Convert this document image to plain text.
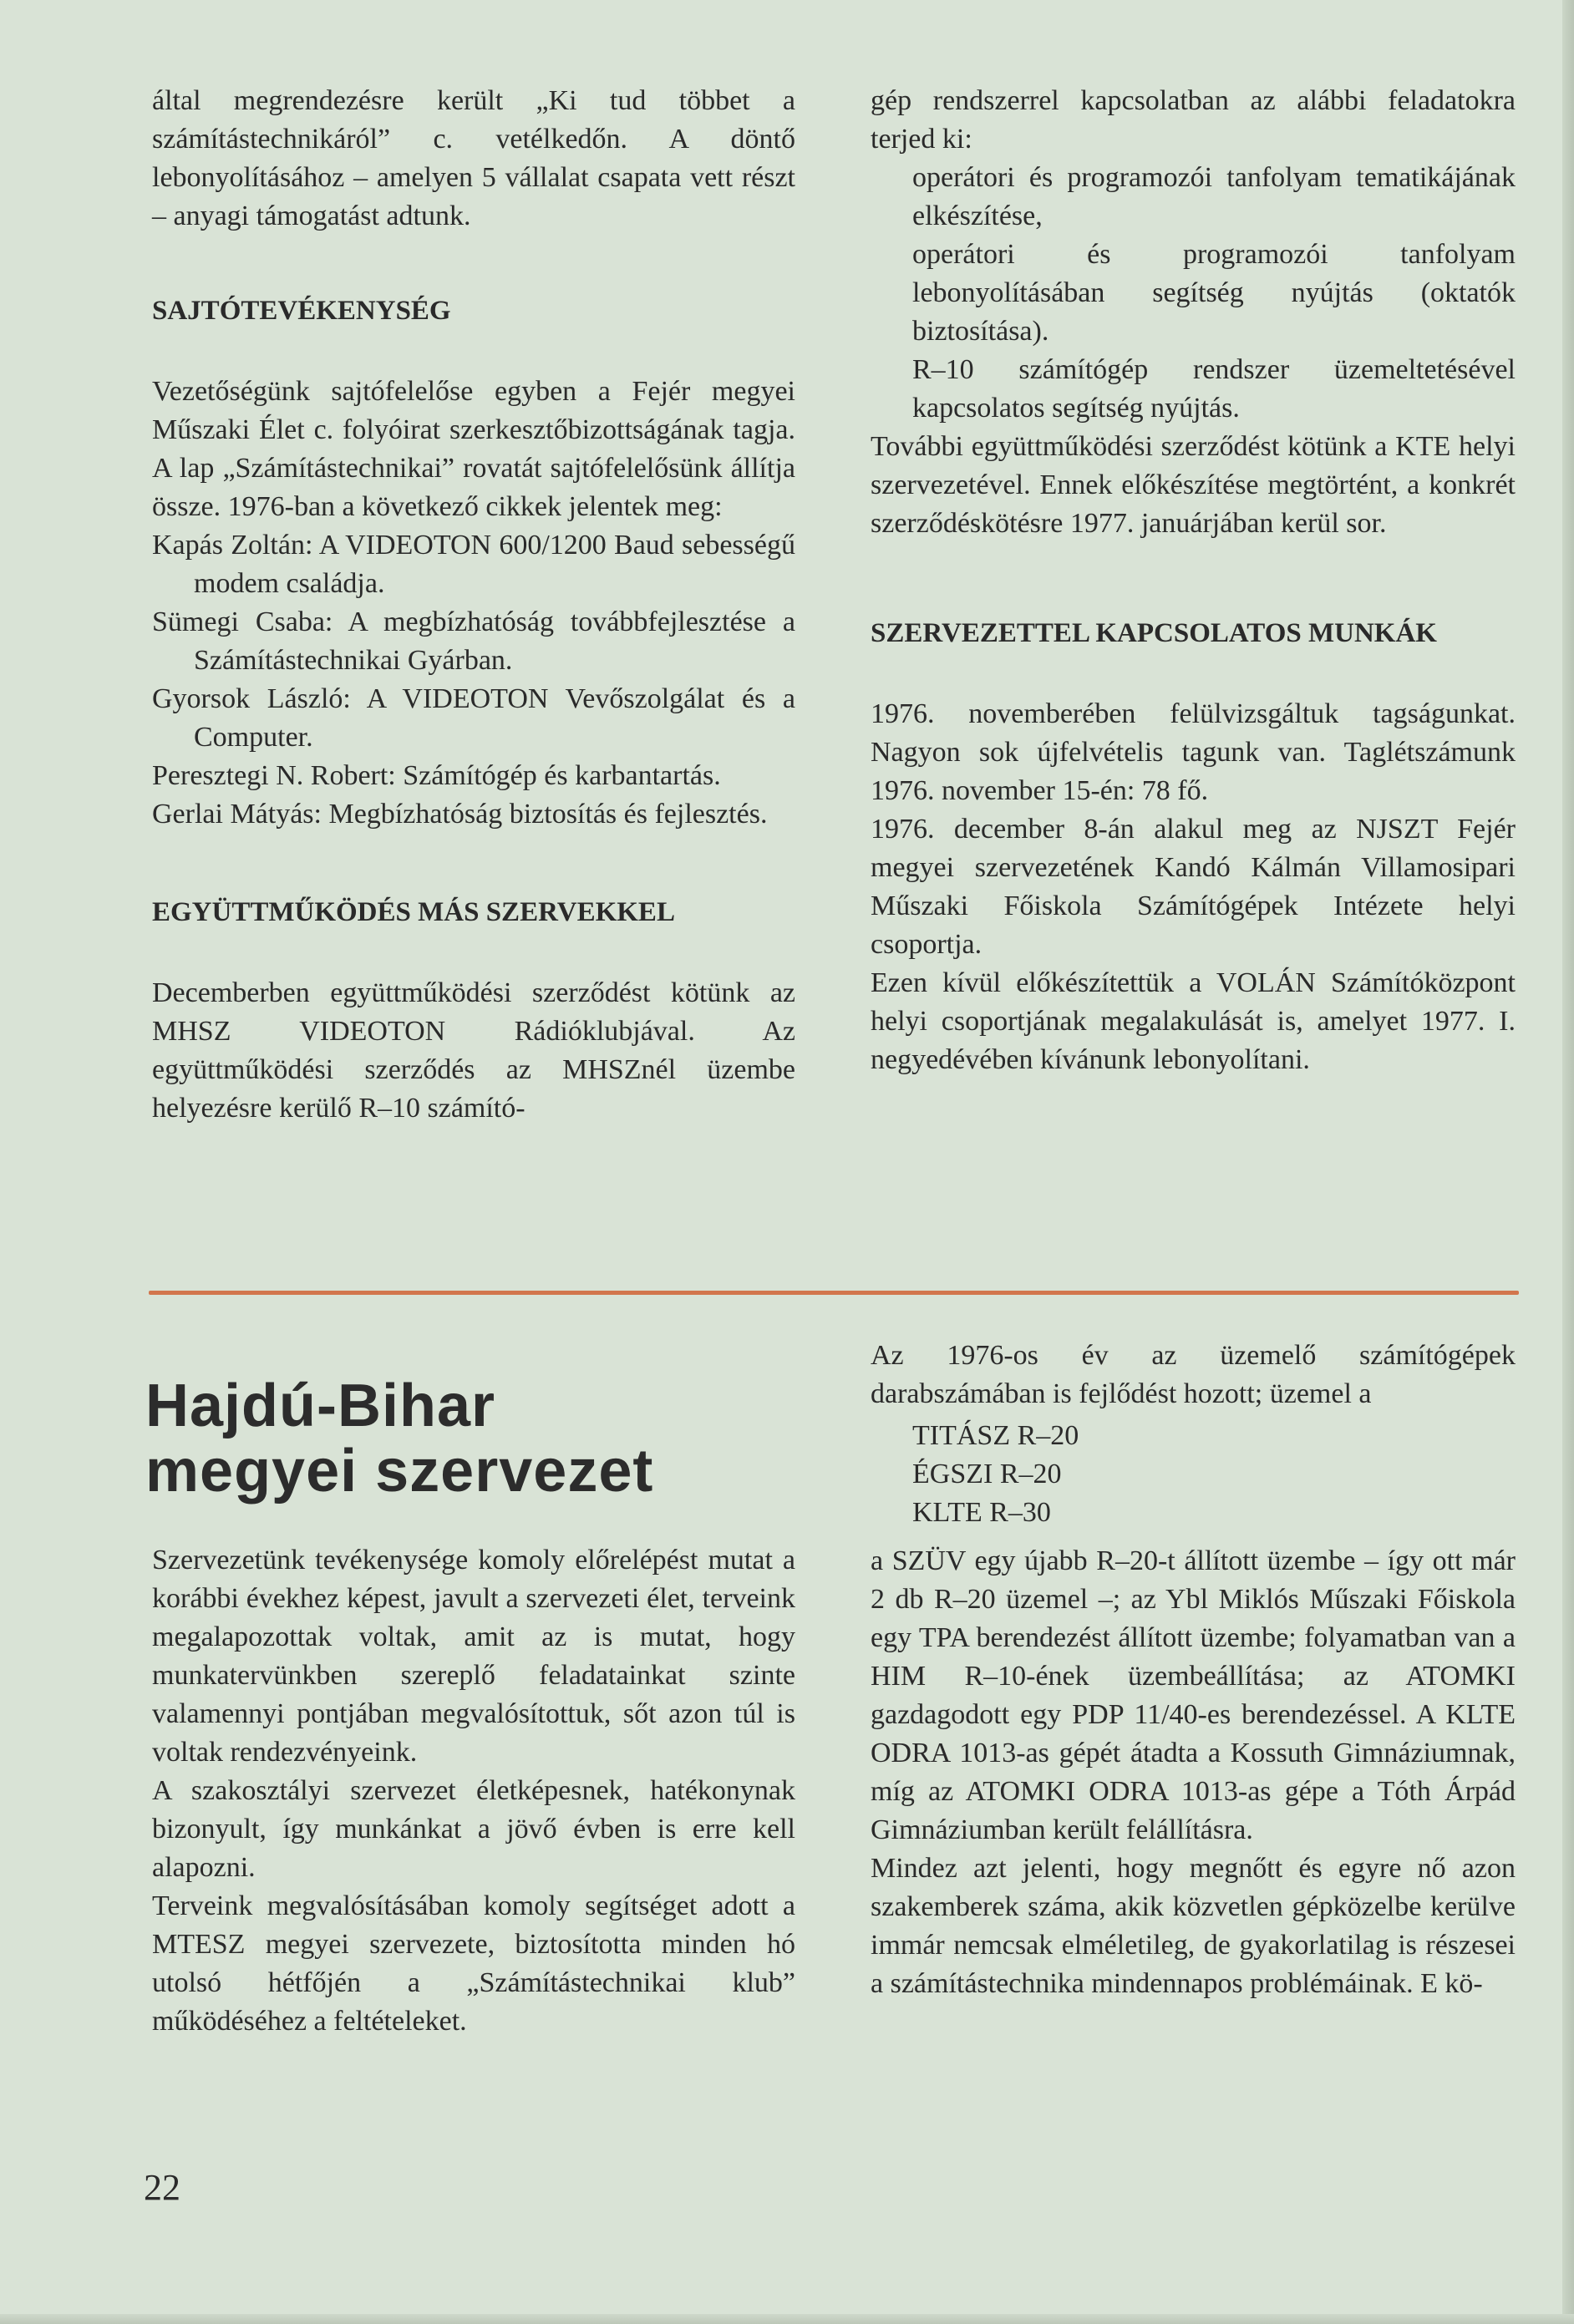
által megrendezésre került „Ki tud többet a számítástechnikáról” c. vetélkedőn. A döntő lebonyolításához – amelyen 5 vállalat csapata vett részt – anyagi támogatást adtunk.

SAJTÓTEVÉKENYSÉG

Vezetőségünk sajtófelelőse egyben a Fejér megyei Műszaki Élet c. folyóirat szerkesztőbizottságának tagja. A lap „Számítástechnikai” rovatát sajtófelelősünk állítja össze. 1976-ban a következő cikkek jelentek meg:

Kapás Zoltán: A VIDEOTON 600/1200 Baud sebességű modem családja.

Sümegi Csaba: A megbízhatóság továbbfejlesztése a Számítástechnikai Gyárban.

Gyorsok László: A VIDEOTON Vevőszolgálat és a Computer.

Peresztegi N. Robert: Számítógép és karbantartás.

Gerlai Mátyás: Megbízhatóság biztosítás és fejlesztés.

EGYÜTTMŰKÖDÉS MÁS SZERVEKKEL

Decemberben együttműködési szerződést kötünk az MHSZ VIDEOTON Rádióklubjával. Az együttműködési szerződés az MHSZnél üzembe helyezésre kerülő R–10 számító-

gép rendszerrel kapcsolatban az alábbi feladatokra terjed ki:

operátori és programozói tanfolyam tematikájának elkészítése,

operátori és programozói tanfolyam lebonyolításában segítség nyújtás (oktatók biztosítása).

R–10 számítógép rendszer üzemeltetésével kapcsolatos segítség nyújtás.

További együttműködési szerződést kötünk a KTE helyi szervezetével. Ennek előkészítése megtörtént, a konkrét szerződéskötésre 1977. januárjában kerül sor.

SZERVEZETTEL KAPCSOLATOS MUNKÁK

1976. novemberében felülvizsgáltuk tagságunkat. Nagyon sok újfelvételis tagunk van. Taglétszámunk 1976. november 15-én: 78 fő.

1976. december 8-án alakul meg az NJSZT Fejér megyei szervezetének Kandó Kálmán Villamosipari Műszaki Főiskola Számítógépek Intézete helyi csoportja.

Ezen kívül előkészítettük a VOLÁN Számítóközpont helyi csoportjának megalakulását is, amelyet 1977. I. negyedévében kívánunk lebonyolítani.

Hajdú-Bihar
megyei szervezet

Szervezetünk tevékenysége komoly előrelépést mutat a korábbi évekhez képest, javult a szervezeti élet, terveink megalapozottak voltak, amit az is mutat, hogy munkatervünkben szereplő feladatainkat szinte valamennyi pontjában megvalósítottuk, sőt azon túl is voltak rendezvényeink.

A szakosztályi szervezet életképesnek, hatékonynak bizonyult, így munkánkat a jövő évben is erre kell alapozni.

Terveink megvalósításában komoly segítséget adott a MTESZ megyei szervezete, biztosította minden hó utolsó hétfőjén a „Számítástechnikai klub” működéséhez a feltételeket.

Az 1976-os év az üzemelő számítógépek darabszámában is fejlődést hozott; üzemel a

TITÁSZ R–20

ÉGSZI R–20

KLTE R–30

a SZÜV egy újabb R–20-t állított üzembe – így ott már 2 db R–20 üzemel –; az Ybl Miklós Műszaki Főiskola egy TPA berendezést állított üzembe; folyamatban van a HIM R–10-ének üzembeállítása; az ATOMKI gazdagodott egy PDP 11/40-es berendezéssel. A KLTE ODRA 1013-as gépét átadta a Kossuth Gimnáziumnak, míg az ATOMKI ODRA 1013-as gépe a Tóth Árpád Gimnáziumban került felállításra.

Mindez azt jelenti, hogy megnőtt és egyre nő azon szakemberek száma, akik közvetlen gépközelbe kerülve immár nemcsak elméletileg, de gyakorlatilag is részesei a számítástechnika mindennapos problémáinak. E kö-

22
